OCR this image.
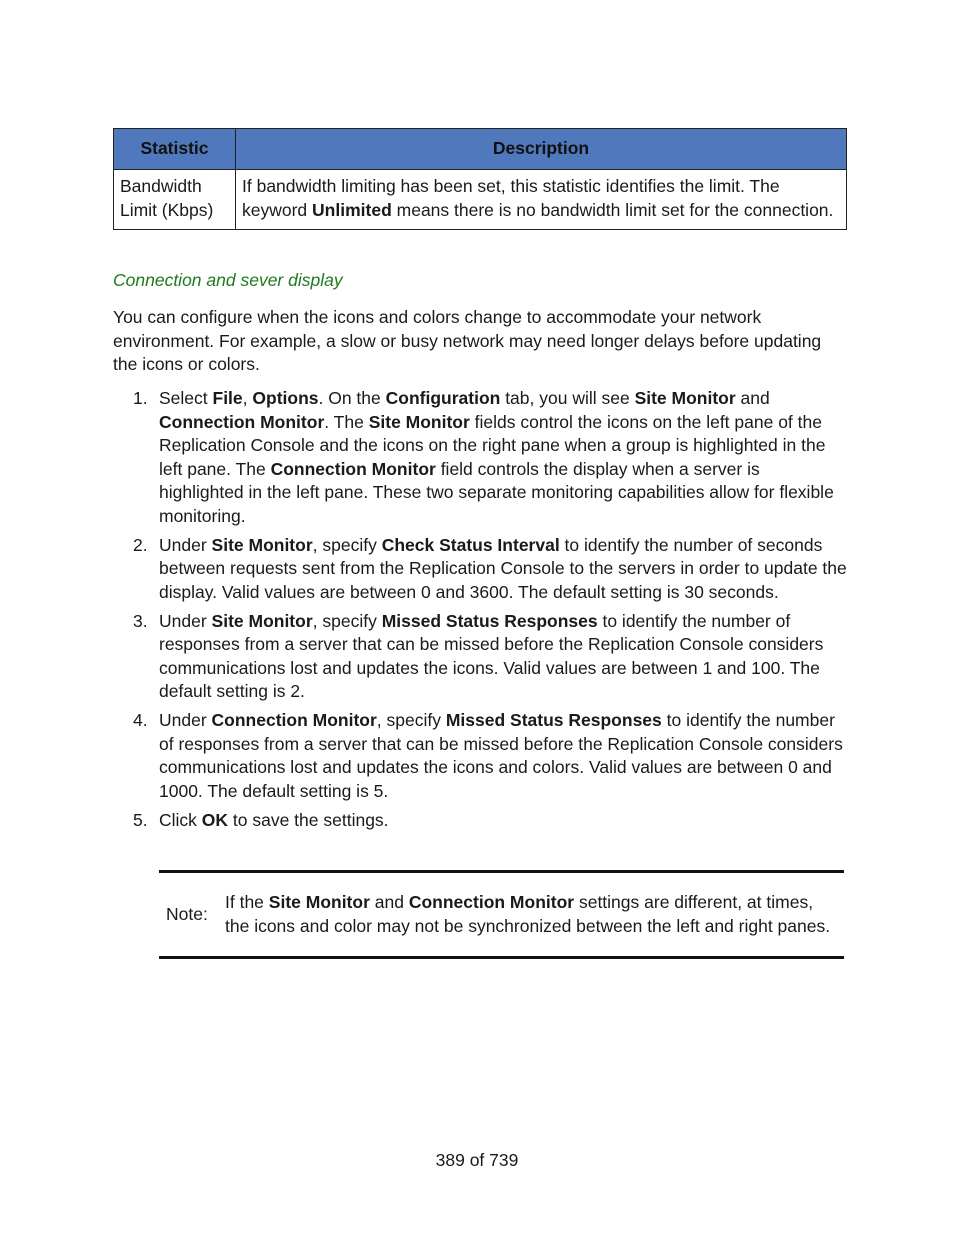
Statistic	Description
Bandwidth Limit (Kbps)	If bandwidth limiting has been set, this statistic identifies the limit. The keyword Unlimited means there is no bandwidth limit set for the connection.
Connection and sever display

You can configure when the icons and colors change to accommodate your network environment. For example, a slow or busy network may need longer delays before updating the icons or colors.

1. Select File, Options. On the Configuration tab, you will see Site Monitor and Connection Monitor. The Site Monitor fields control the icons on the left pane of the Replication Console and the icons on the right pane when a group is highlighted in the left pane. The Connection Monitor field controls the display when a server is highlighted in the left pane. These two separate monitoring capabilities allow for flexible monitoring.
2. Under Site Monitor, specify Check Status Interval to identify the number of seconds between requests sent from the Replication Console to the servers in order to update the display. Valid values are between 0 and 3600. The default setting is 30 seconds.
3. Under Site Monitor, specify Missed Status Responses to identify the number of responses from a server that can be missed before the Replication Console considers communications lost and updates the icons. Valid values are between 1 and 100. The default setting is 2.
4. Under Connection Monitor, specify Missed Status Responses to identify the number of responses from a server that can be missed before the Replication Console considers communications lost and updates the icons and colors. Valid values are between 0 and 1000. The default setting is 5.
5. Click OK to save the settings.
Note:
If the Site Monitor and Connection Monitor settings are different, at times, the icons and color may not be synchronized between the left and right panes.
389 of 739
